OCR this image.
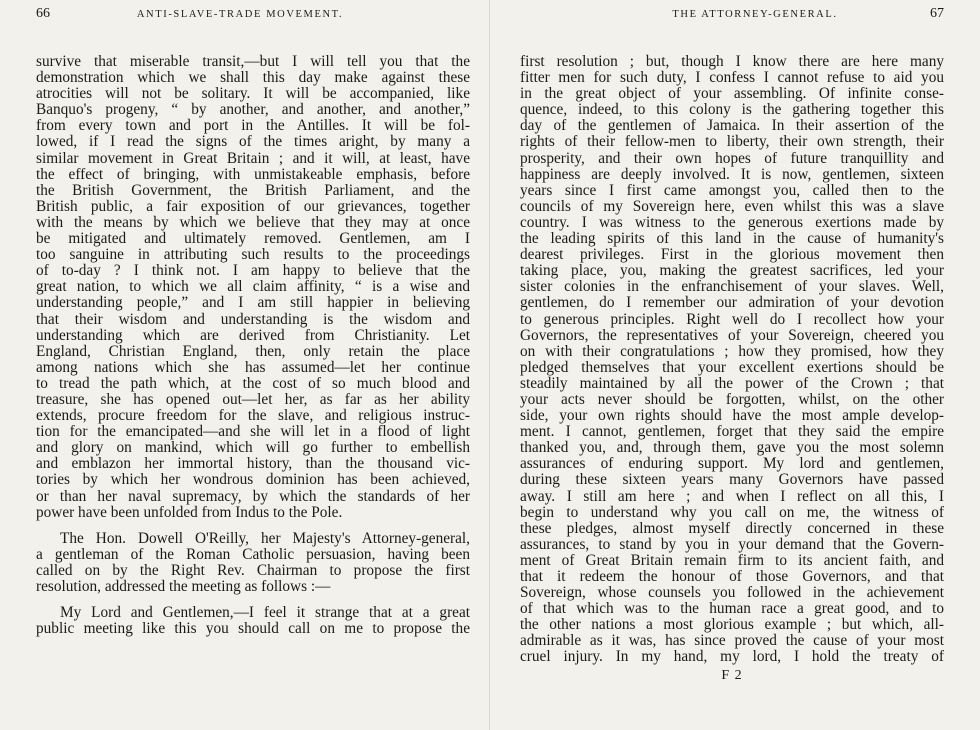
66	ANTI-SLAVE-TRADE MOVEMENT.
survive that miserable transit,—but I will tell you that the
demonstration which we shall this day make against these
atrocities will not be solitary. It will be accompanied, like
Banquo's progeny, “ by another, and another, and another,”
from every town and port in the Antilles. It will be fol-
lowed, if I read the signs of the times aright, by many a
similar movement in Great Britain ; and it will, at least, have
the effect of bringing, with unmistakeable emphasis, before
the British Government, the British Parliament, and the
British public, a fair exposition of our grievances, together
with the means by which we believe that they may at once
be mitigated and ultimately removed. Gentlemen, am I
too sanguine in attributing such results to the proceedings
of to-day ? I think not. I am happy to believe that the
great nation, to which we all claim affinity, “ is a wise and
understanding people,” and I am still happier in believing
that their wisdom and understanding is the wisdom and
understanding which are derived from Christianity. Let
England, Christian England, then, only retain the place
among nations which she has assumed—let her continue
to tread the path which, at the cost of so much blood and
treasure, she has opened out—let her, as far as her ability
extends, procure freedom for the slave, and religious instruc-
tion for the emancipated—and she will let in a flood of light
and glory on mankind, which will go further to embellish
and emblazon her immortal history, than the thousand vic-
tories by which her wondrous dominion has been achieved,
or than her naval supremacy, by which the standards of her
power have been unfolded from Indus to the Pole.
The Hon. Dowell O'Reilly, her Majesty's Attorney-general,
a gentleman of the Roman Catholic persuasion, having been
called on by the Right Rev. Chairman to propose the first
resolution, addressed the meeting as follows :—
My Lord and Gentlemen,—I feel it strange that at a great
public meeting like this you should call on me to propose the
THE ATTORNEY-GENERAL.	67
first resolution ; but, though I know there are here many
fitter men for such duty, I confess I cannot refuse to aid you
in the great object of your assembling. Of infinite conse-
quence, indeed, to this colony is the gathering together this
day of the gentlemen of Jamaica. In their assertion of the
rights of their fellow-men to liberty, their own strength, their
prosperity, and their own hopes of future tranquillity and
happiness are deeply involved. It is now, gentlemen, sixteen
years since I first came amongst you, called then to the
councils of my Sovereign here, even whilst this was a slave
country. I was witness to the generous exertions made by
the leading spirits of this land in the cause of humanity's
dearest privileges. First in the glorious movement then
taking place, you, making the greatest sacrifices, led your
sister colonies in the enfranchisement of your slaves. Well,
gentlemen, do I remember our admiration of your devotion
to generous principles. Right well do I recollect how your
Governors, the representatives of your Sovereign, cheered you
on with their congratulations ; how they promised, how they
pledged themselves that your excellent exertions should be
steadily maintained by all the power of the Crown ; that
your acts never should be forgotten, whilst, on the other
side, your own rights should have the most ample develop-
ment. I cannot, gentlemen, forget that they said the empire
thanked you, and, through them, gave you the most solemn
assurances of enduring support. My lord and gentlemen,
during these sixteen years many Governors have passed
away. I still am here ; and when I reflect on all this, I
begin to understand why you call on me, the witness of
these pledges, almost myself directly concerned in these
assurances, to stand by you in your demand that the Govern-
ment of Great Britain remain firm to its ancient faith, and
that it redeem the honour of those Governors, and that
Sovereign, whose counsels you followed in the achievement
of that which was to the human race a great good, and to
the other nations a most glorious example ; but which, all-
admirable as it was, has since proved the cause of your most
cruel injury. In my hand, my lord, I hold the treaty of
F 2
